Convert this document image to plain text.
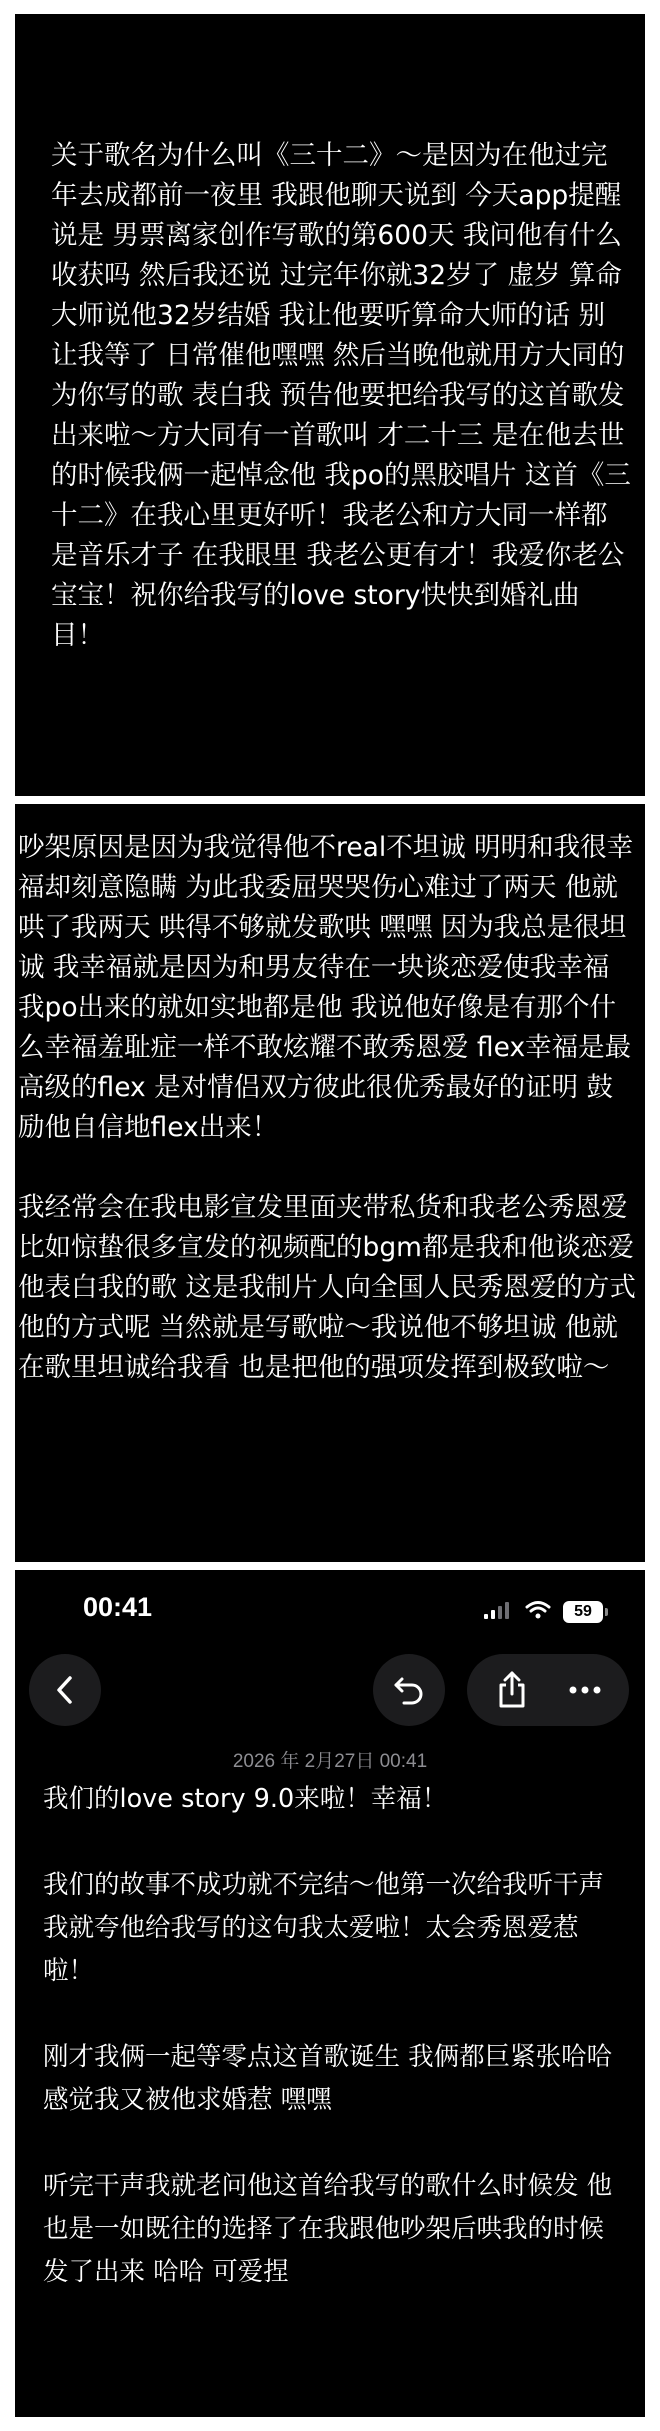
关于歌名为什么叫《三十二》～是因为在他过完年去成都前一夜里 我跟他聊天说到 今天app提醒说是 男票离家创作写歌的第600天 我问他有什么收获吗 然后我还说 过完年你就32岁了 虚岁 算命大师说他32岁结婚 我让他要听算命大师的话 别让我等了 日常催他嘿嘿 然后当晚他就用方大同的 为你写的歌 表白我 预告他要把给我写的这首歌发出来啦～方大同有一首歌叫 才二十三 是在他去世的时候我俩一起悼念他 我po的黑胶唱片 这首《三十二》在我心里更好听！我老公和方大同一样都是音乐才子 在我眼里 我老公更有才！我爱你老公宝宝！祝你给我写的love story快快到婚礼曲目！

吵架原因是因为我觉得他不real不坦诚 明明和我很幸福却刻意隐瞒 为此我委屈哭哭伤心难过了两天 他就哄了我两天 哄得不够就发歌哄 嘿嘿 因为我总是很坦诚 我幸福就是因为和男友待在一块谈恋爱使我幸福 我po出来的就如实地都是他 我说他好像是有那个什么幸福羞耻症一样不敢炫耀不敢秀恩爱 flex幸福是最高级的flex 是对情侣双方彼此很优秀最好的证明 鼓励他自信地flex出来！

我经常会在我电影宣发里面夹带私货和我老公秀恩爱 比如惊蛰很多宣发的视频配的bgm都是我和他谈恋爱他表白我的歌 这是我制片人向全国人民秀恩爱的方式 他的方式呢 当然就是写歌啦～我说他不够坦诚 他就在歌里坦诚给我看 也是把他的强项发挥到极致啦～

00:41	59
2026 年 2月27日 00:41

我们的love story 9.0来啦！幸福！

我们的故事不成功就不完结～他第一次给我听干声我就夸他给我写的这句我太爱啦！太会秀恩爱惹啦！

刚才我俩一起等零点这首歌诞生 我俩都巨紧张哈哈 感觉我又被他求婚惹 嘿嘿

听完干声我就老问他这首给我写的歌什么时候发 他也是一如既往的选择了在我跟他吵架后哄我的时候发了出来 哈哈 可爱捏
